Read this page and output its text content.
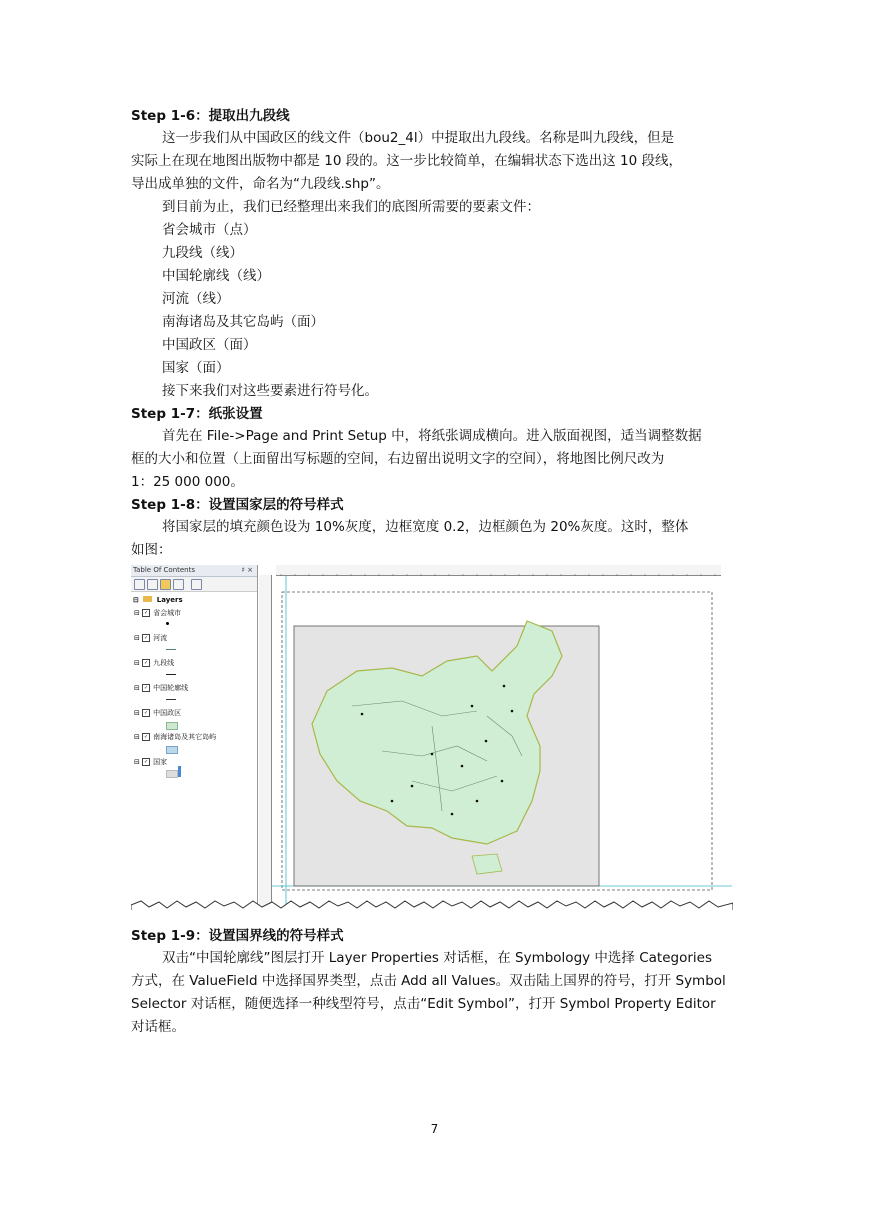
Step 1-6：提取出九段线
这一步我们从中国政区的线文件（bou2_4l）中提取出九段线。名称是叫九段线，但是
实际上在现在地图出版物中都是 10 段的。这一步比较简单，在编辑状态下选出这 10 段线，
导出成单独的文件，命名为“九段线.shp”。
到目前为止，我们已经整理出来我们的底图所需要的要素文件：
省会城市（点）
九段线（线）
中国轮廓线（线）
河流（线）
南海诸岛及其它岛屿（面）
中国政区（面）
国家（面）
接下来我们对这些要素进行符号化。
Step 1-7：纸张设置
首先在 File->Page and Print Setup 中，将纸张调成横向。进入版面视图，适当调整数据
框的大小和位置（上面留出写标题的空间，右边留出说明文字的空间），将地图比例尺改为
1：25 000 000。
Step 1-8：设置国家层的符号样式
将国家层的填充颜色设为 10%灰度，边框宽度 0.2，边框颜色为 20%灰度。这时，整体
如图：
Table Of Contents	♯ ×
⊟	Layers
⊟
✓ 省会城市
⊟
✓ 河流
⊟
✓ 九段线
⊟
✓ 中国轮廓线
⊟
✓ 中国政区
⊟
✓ 南海诸岛及其它岛屿
⊟
✓ 国家
Step 1-9：设置国界线的符号样式
双击“中国轮廓线”图层打开 Layer Properties 对话框，在 Symbology 中选择 Categories
方式，在 ValueField 中选择国界类型，点击 Add all Values。双击陆上国界的符号，打开 Symbol
Selector 对话框，随便选择一种线型符号，点击“Edit Symbol”，打开 Symbol Property Editor
对话框。
7
